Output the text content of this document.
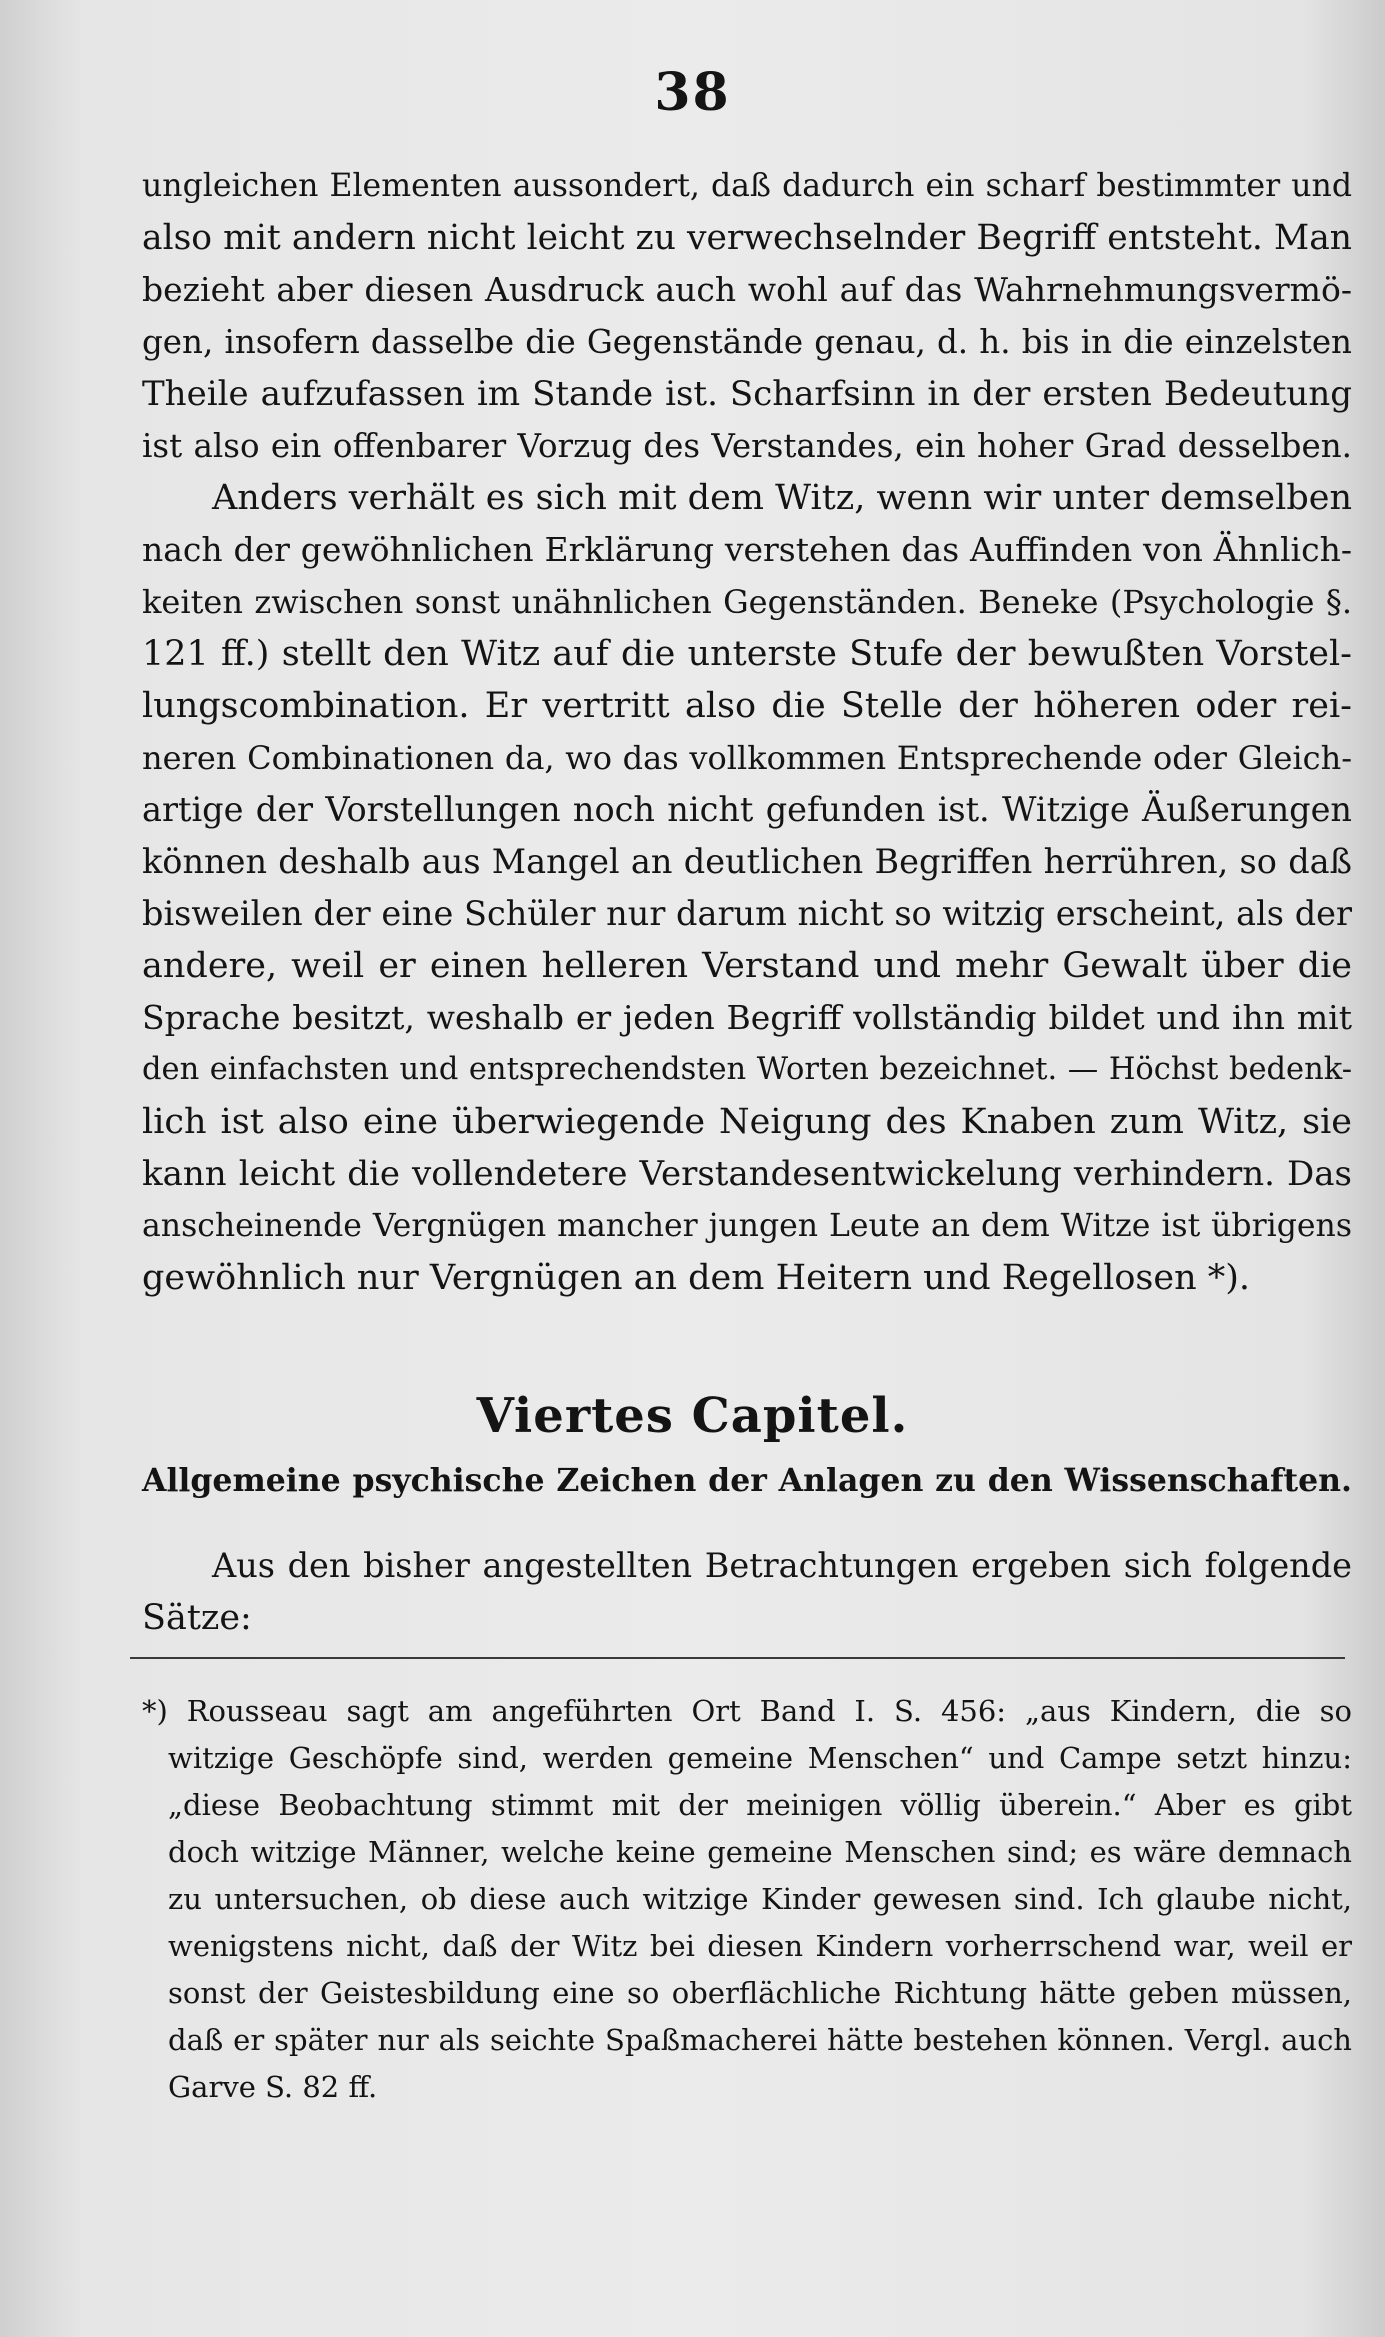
38
ungleichen Elementen aussondert, daß dadurch ein scharf bestimmter und
also mit andern nicht leicht zu verwechselnder Begriff entsteht. Man
bezieht aber diesen Ausdruck auch wohl auf das Wahrnehmungsvermö-
gen, insofern dasselbe die Gegenstände genau, d. h. bis in die einzelsten
Theile aufzufassen im Stande ist. Scharfsinn in der ersten Bedeutung
ist also ein offenbarer Vorzug des Verstandes, ein hoher Grad desselben.
Anders verhält es sich mit dem Witz, wenn wir unter demselben
nach der gewöhnlichen Erklärung verstehen das Auffinden von Ähnlich-
keiten zwischen sonst unähnlichen Gegenständen. Beneke (Psychologie §.
121 ff.) stellt den Witz auf die unterste Stufe der bewußten Vorstel-
lungscombination. Er vertritt also die Stelle der höheren oder rei-
neren Combinationen da, wo das vollkommen Entsprechende oder Gleich-
artige der Vorstellungen noch nicht gefunden ist. Witzige Äußerungen
können deshalb aus Mangel an deutlichen Begriffen herrühren, so daß
bisweilen der eine Schüler nur darum nicht so witzig erscheint, als der
andere, weil er einen helleren Verstand und mehr Gewalt über die
Sprache besitzt, weshalb er jeden Begriff vollständig bildet und ihn mit
den einfachsten und entsprechendsten Worten bezeichnet. — Höchst bedenk-
lich ist also eine überwiegende Neigung des Knaben zum Witz, sie
kann leicht die vollendetere Verstandesentwickelung verhindern. Das
anscheinende Vergnügen mancher jungen Leute an dem Witze ist übrigens
gewöhnlich nur Vergnügen an dem Heitern und Regellosen *).
Viertes Capitel.
Allgemeine psychische Zeichen der Anlagen zu den Wissenschaften.
Aus den bisher angestellten Betrachtungen ergeben sich folgende
Sätze:
*) Rousseau sagt am angeführten Ort Band I. S. 456: „aus Kindern, die so
witzige Geschöpfe sind, werden gemeine Menschen“ und Campe setzt hinzu:
„diese Beobachtung stimmt mit der meinigen völlig überein.“ Aber es gibt
doch witzige Männer, welche keine gemeine Menschen sind; es wäre demnach
zu untersuchen, ob diese auch witzige Kinder gewesen sind. Ich glaube nicht,
wenigstens nicht, daß der Witz bei diesen Kindern vorherrschend war, weil er
sonst der Geistesbildung eine so oberflächliche Richtung hätte geben müssen,
daß er später nur als seichte Spaßmacherei hätte bestehen können. Vergl. auch
Garve S. 82 ff.
